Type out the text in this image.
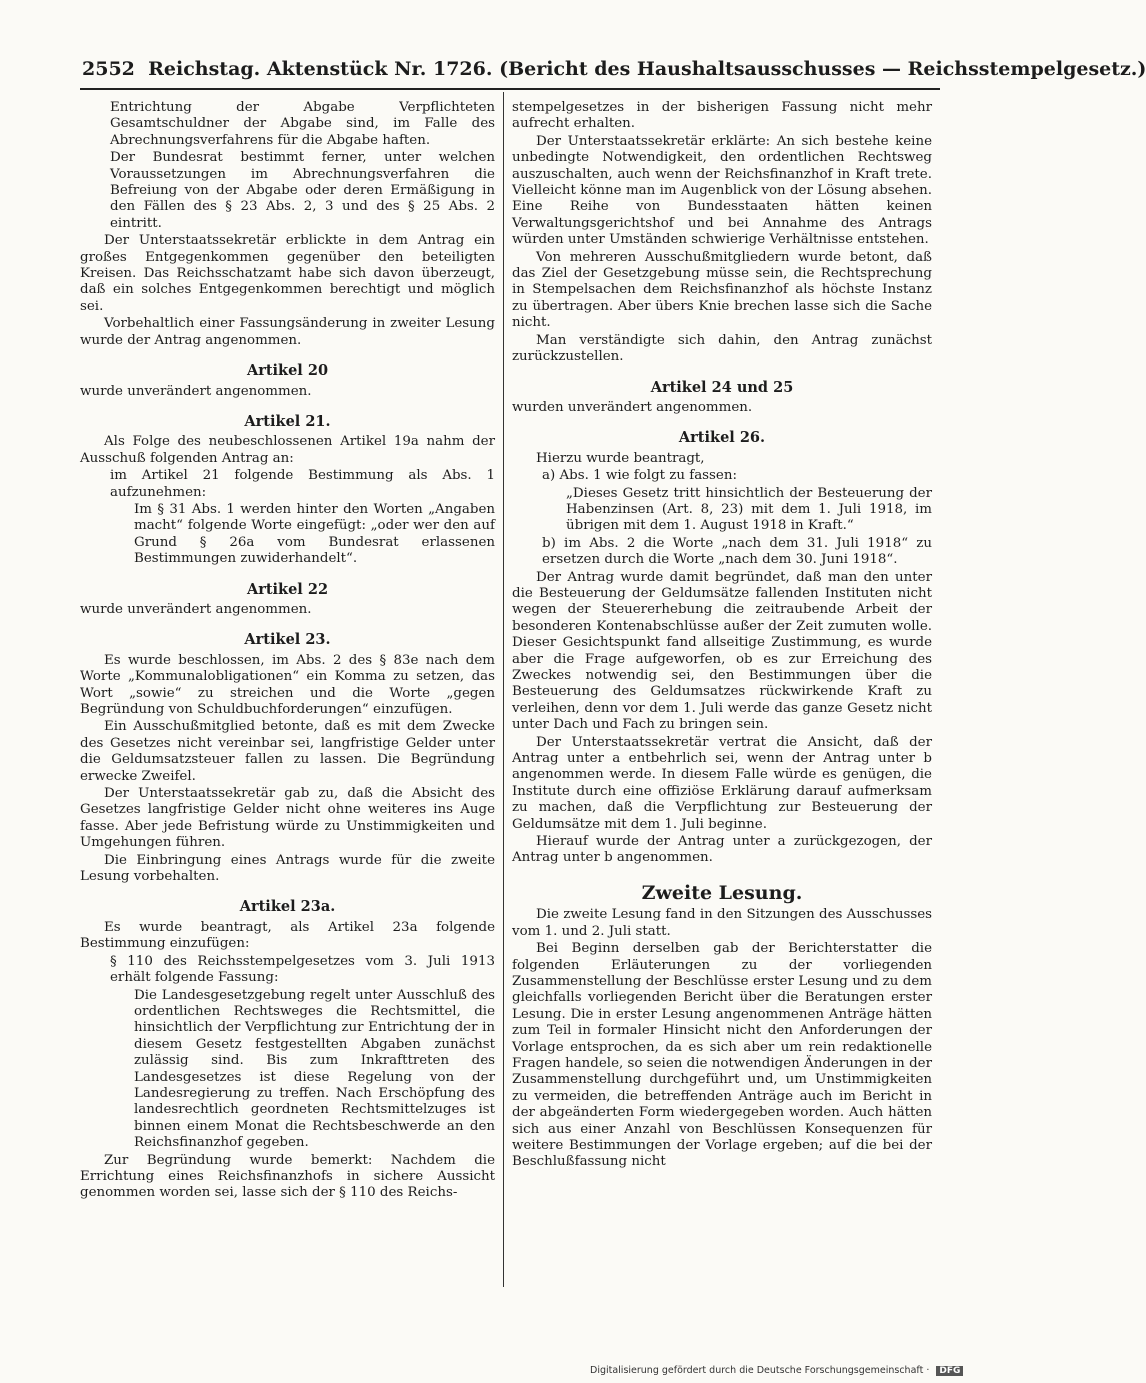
2552 Reichstag. Aktenstück Nr. 1726. (Bericht des Haushaltsausschusses — Reichsstempelgesetz.)

Entrichtung der Abgabe Verpflichteten Gesamtschuldner der Abgabe sind, im Falle des Abrechnungsverfahrens für die Abgabe haften.

Der Bundesrat bestimmt ferner, unter welchen Voraussetzungen im Abrechnungsverfahren die Befreiung von der Abgabe oder deren Ermäßigung in den Fällen des § 23 Abs. 2, 3 und des § 25 Abs. 2 eintritt.

Der Unterstaatssekretär erblickte in dem Antrag ein großes Entgegenkommen gegenüber den beteiligten Kreisen. Das Reichsschatzamt habe sich davon überzeugt, daß ein solches Entgegenkommen berechtigt und möglich sei.

Vorbehaltlich einer Fassungsänderung in zweiter Lesung wurde der Antrag angenommen.

Artikel 20

wurde unverändert angenommen.

Artikel 21.

Als Folge des neubeschlossenen Artikel 19a nahm der Ausschuß folgenden Antrag an:

im Artikel 21 folgende Bestimmung als Abs. 1 aufzunehmen:

Im § 31 Abs. 1 werden hinter den Worten „Angaben macht“ folgende Worte eingefügt: „oder wer den auf Grund § 26a vom Bundesrat erlassenen Bestimmungen zuwiderhandelt“.

Artikel 22

wurde unverändert angenommen.

Artikel 23.

Es wurde beschlossen, im Abs. 2 des § 83e nach dem Worte „Kommunalobligationen“ ein Komma zu setzen, das Wort „sowie“ zu streichen und die Worte „gegen Begründung von Schuldbuchforderungen“ einzufügen.

Ein Ausschußmitglied betonte, daß es mit dem Zwecke des Gesetzes nicht vereinbar sei, langfristige Gelder unter die Geldumsatzsteuer fallen zu lassen. Die Begründung erwecke Zweifel.

Der Unterstaatssekretär gab zu, daß die Absicht des Gesetzes langfristige Gelder nicht ohne weiteres ins Auge fasse. Aber jede Befristung würde zu Unstimmigkeiten und Umgehungen führen.

Die Einbringung eines Antrags wurde für die zweite Lesung vorbehalten.

Artikel 23a.

Es wurde beantragt, als Artikel 23a folgende Bestimmung einzufügen:

§ 110 des Reichsstempelgesetzes vom 3. Juli 1913 erhält folgende Fassung:

Die Landesgesetzgebung regelt unter Ausschluß des ordentlichen Rechtsweges die Rechtsmittel, die hinsichtlich der Verpflichtung zur Entrichtung der in diesem Gesetz festgestellten Abgaben zunächst zulässig sind. Bis zum Inkrafttreten des Landesgesetzes ist diese Regelung von der Landesregierung zu treffen. Nach Erschöpfung des landesrechtlich geordneten Rechtsmittelzuges ist binnen einem Monat die Rechtsbeschwerde an den Reichsfinanzhof gegeben.

Zur Begründung wurde bemerkt: Nachdem die Errichtung eines Reichsfinanzhofs in sichere Aussicht genommen worden sei, lasse sich der § 110 des Reichs-

stempelgesetzes in der bisherigen Fassung nicht mehr aufrecht erhalten.

Der Unterstaatssekretär erklärte: An sich bestehe keine unbedingte Notwendigkeit, den ordentlichen Rechtsweg auszuschalten, auch wenn der Reichsfinanzhof in Kraft trete. Vielleicht könne man im Augenblick von der Lösung absehen. Eine Reihe von Bundesstaaten hätten keinen Verwaltungsgerichtshof und bei Annahme des Antrags würden unter Umständen schwierige Verhältnisse entstehen.

Von mehreren Ausschußmitgliedern wurde betont, daß das Ziel der Gesetzgebung müsse sein, die Rechtsprechung in Stempelsachen dem Reichsfinanzhof als höchste Instanz zu übertragen. Aber übers Knie brechen lasse sich die Sache nicht.

Man verständigte sich dahin, den Antrag zunächst zurückzustellen.

Artikel 24 und 25

wurden unverändert angenommen.

Artikel 26.

Hierzu wurde beantragt,

a) Abs. 1 wie folgt zu fassen:

„Dieses Gesetz tritt hinsichtlich der Besteuerung der Habenzinsen (Art. 8, 23) mit dem 1. Juli 1918, im übrigen mit dem 1. August 1918 in Kraft.“

b) im Abs. 2 die Worte „nach dem 31. Juli 1918“ zu ersetzen durch die Worte „nach dem 30. Juni 1918“.

Der Antrag wurde damit begründet, daß man den unter die Besteuerung der Geldumsätze fallenden Instituten nicht wegen der Steuererhebung die zeitraubende Arbeit der besonderen Kontenabschlüsse außer der Zeit zumuten wolle. Dieser Gesichtspunkt fand allseitige Zustimmung, es wurde aber die Frage aufgeworfen, ob es zur Erreichung des Zweckes notwendig sei, den Bestimmungen über die Besteuerung des Geldumsatzes rückwirkende Kraft zu verleihen, denn vor dem 1. Juli werde das ganze Gesetz nicht unter Dach und Fach zu bringen sein.

Der Unterstaatssekretär vertrat die Ansicht, daß der Antrag unter a entbehrlich sei, wenn der Antrag unter b angenommen werde. In diesem Falle würde es genügen, die Institute durch eine offiziöse Erklärung darauf aufmerksam zu machen, daß die Verpflichtung zur Besteuerung der Geldumsätze mit dem 1. Juli beginne.

Hierauf wurde der Antrag unter a zurückgezogen, der Antrag unter b angenommen.

Zweite Lesung.

Die zweite Lesung fand in den Sitzungen des Ausschusses vom 1. und 2. Juli statt.

Bei Beginn derselben gab der Berichterstatter die folgenden Erläuterungen zu der vorliegenden Zusammenstellung der Beschlüsse erster Lesung und zu dem gleichfalls vorliegenden Bericht über die Beratungen erster Lesung. Die in erster Lesung angenommenen Anträge hätten zum Teil in formaler Hinsicht nicht den Anforderungen der Vorlage entsprochen, da es sich aber um rein redaktionelle Fragen handele, so seien die notwendigen Änderungen in der Zusammenstellung durchgeführt und, um Unstimmigkeiten zu vermeiden, die betreffenden Anträge auch im Bericht in der abgeänderten Form wiedergegeben worden. Auch hätten sich aus einer Anzahl von Beschlüssen Konsequenzen für weitere Bestimmungen der Vorlage ergeben; auf die bei der Beschlußfassung nicht

Digitalisierung gefördert durch die Deutsche Forschungsgemeinschaft · DFG
